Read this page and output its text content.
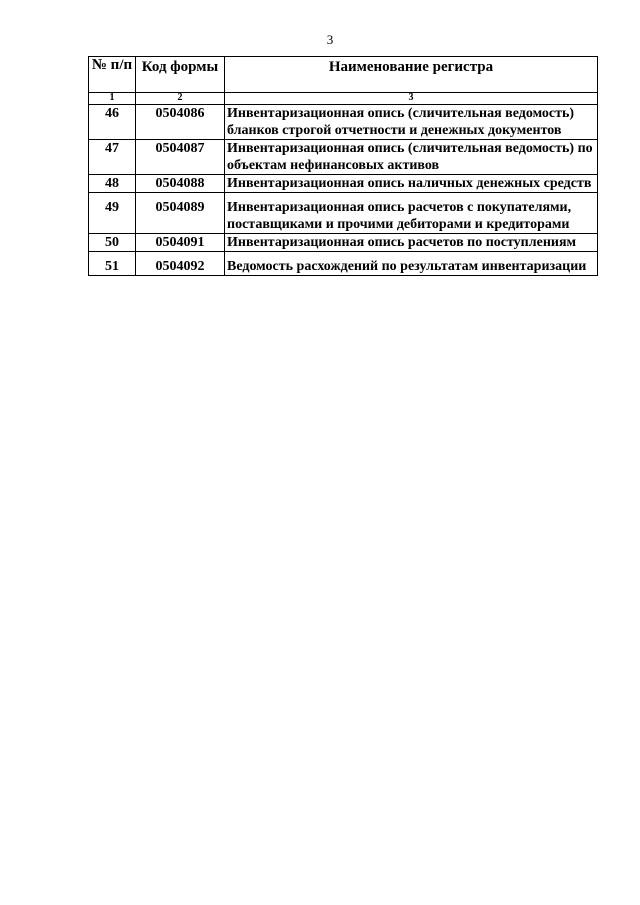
3
№ п/п	Код формы	Наименование регистра
1	2	3
46	0504086	Инвентаризационная опись (сличительная ведомость) бланков строгой отчетности и денежных документов
47	0504087	Инвентаризационная опись (сличительная ведомость) по объектам нефинансовых активов
48	0504088	Инвентаризационная опись наличных денежных средств
49	0504089	Инвентаризационная опись расчетов с покупателями, поставщиками и прочими дебиторами и кредиторами
50	0504091	Инвентаризационная опись расчетов по поступлениям
51	0504092	Ведомость расхождений по результатам инвентаризации
